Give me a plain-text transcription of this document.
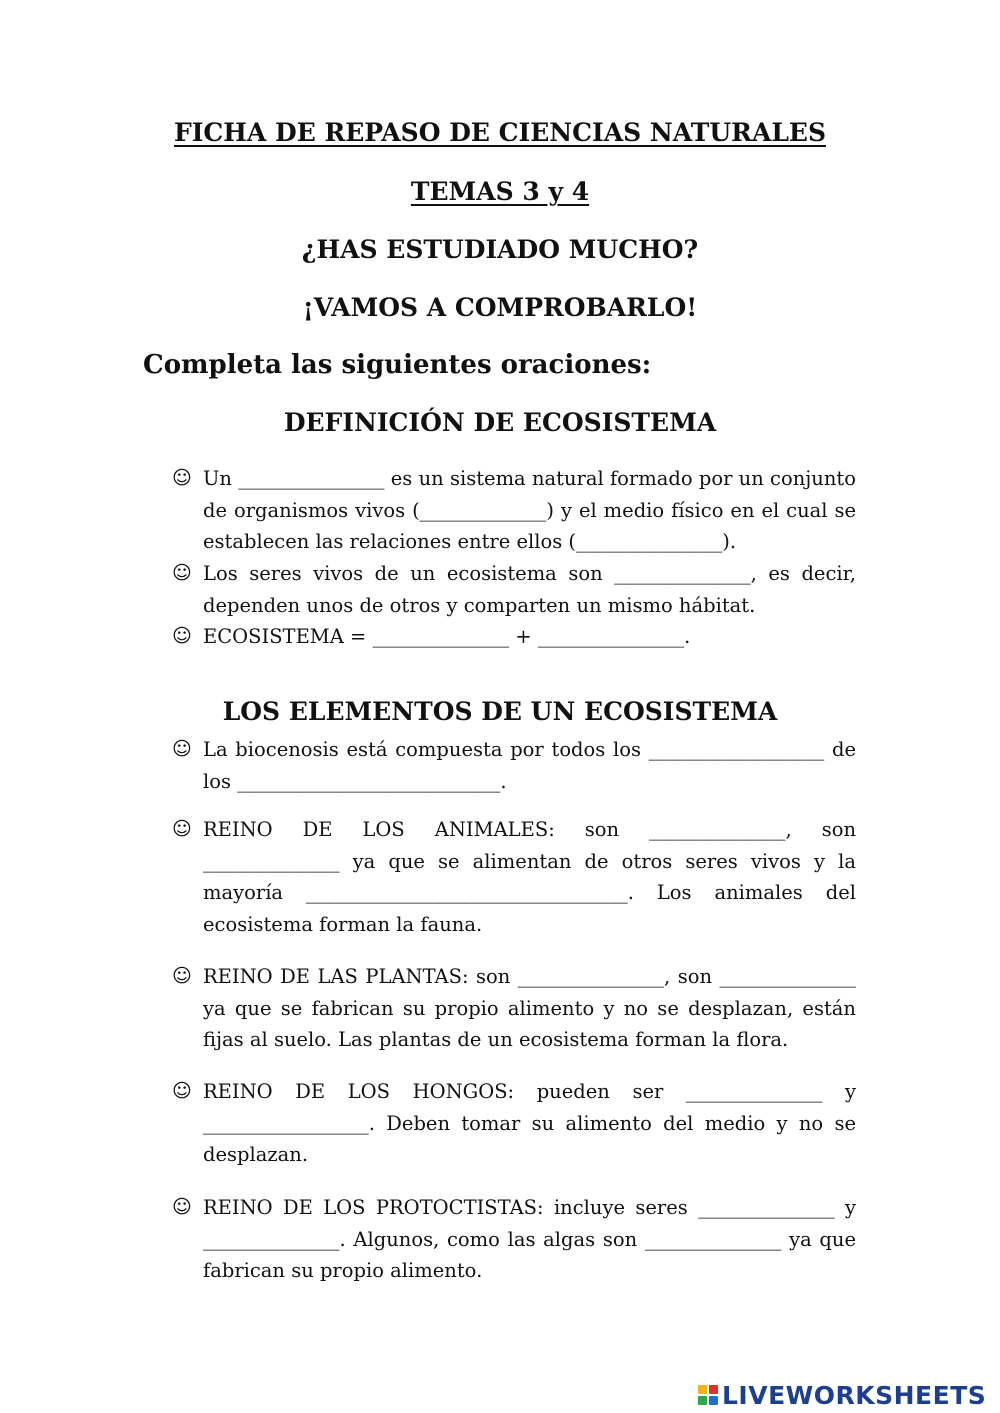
FICHA DE REPASO DE CIENCIAS NATURALES
TEMAS 3 y 4
¿HAS ESTUDIADO MUCHO?
¡VAMOS A COMPROBARLO!
Completa las siguientes oraciones:
DEFINICIÓN DE ECOSISTEMA
☺ Un _______________ es un sistema natural formado por un conjunto de organismos vivos (_____________) y el medio físico en el cual se establecen las relaciones entre ellos (_______________).
☺ Los seres vivos de un ecosistema son ______________, es decir, dependen unos de otros y comparten un mismo hábitat.
☺ ECOSISTEMA = ______________ + _______________.
LOS ELEMENTOS DE UN ECOSISTEMA
☺ La biocenosis está compuesta por todos los __________________ de los ___________________________.
☺ REINO DE LOS ANIMALES: son ______________, son ______________ ya que se alimentan de otros seres vivos y la mayoría _________________________________. Los animales del ecosistema forman la fauna.
☺ REINO DE LAS PLANTAS: son _______________, son ______________ ya que se fabrican su propio alimento y no se desplazan, están fijas al suelo. Las plantas de un ecosistema forman la flora.
☺ REINO DE LOS HONGOS: pueden ser ______________ y _________________. Deben tomar su alimento del medio y no se desplazan.
☺ REINO DE LOS PROTOCTISTAS: incluye seres ______________ y ______________. Algunos, como las algas son ______________ ya que fabrican su propio alimento.
LIVEWORKSHEETS
